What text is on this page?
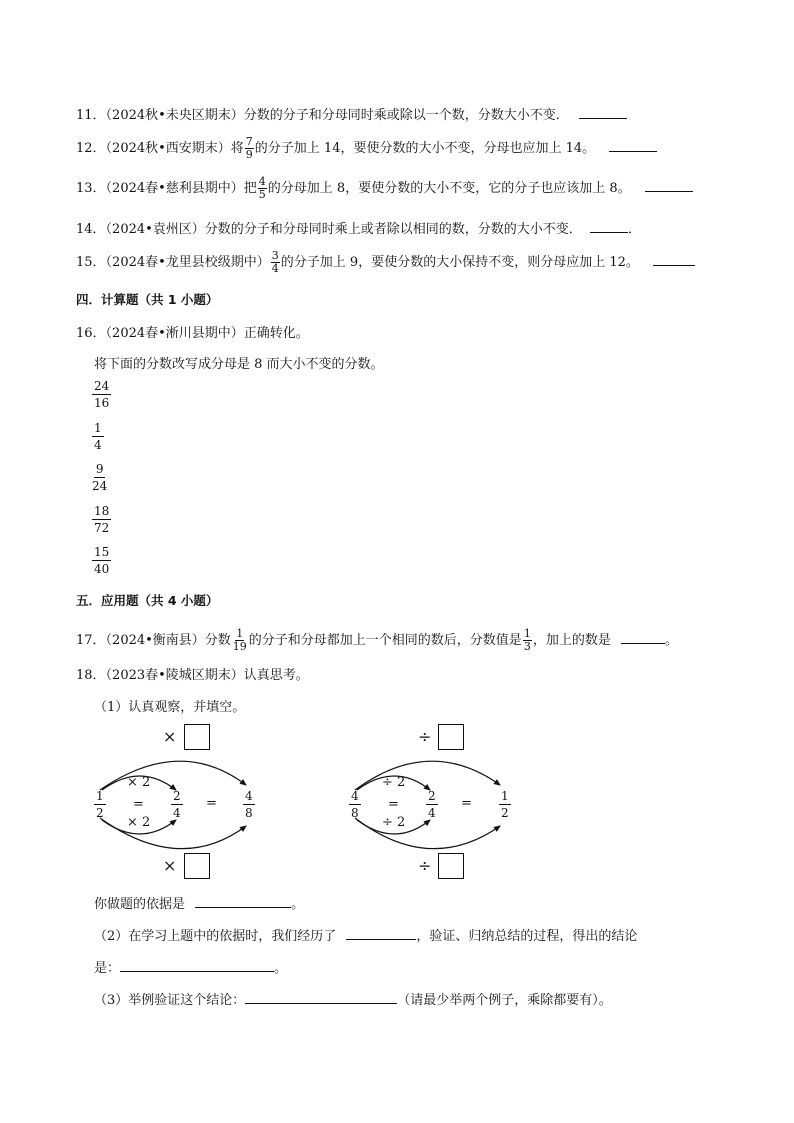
11．（2024秋•未央区期末）分数的分子和分母同时乘或除以一个数，分数大小不变．
12．（2024秋•西安期末）将 $\frac{7}{9}$ 的分子加上 14，要使分数的大小不变，分母也应加上 14。
13．（2024春•慈利县期中）把 $\frac{4}{5}$ 的分母加上 8，要使分数的大小不变，它的分子也应该加上 8。
14．（2024•袁州区）分数的分子和分母同时乘上或者除以相同的数，分数的大小不变．	．
15．（2024春•龙里县校级期中） $\frac{3}{4}$ 的分子加上 9，要使分数的大小保持不变，则分母应加上 12。
四．计算题（共 1 小题）
16．（2024春•淅川县期中）正确转化。
将下面的分数改写成分母是 8 而大小不变的分数。
$\frac{24}{16}$
$\frac{1}{4}$
$\frac{9}{24}$
$\frac{18}{72}$
$\frac{15}{40}$
五．应用题（共 4 小题）
17．（2024•衡南县）分数 $\frac{1}{19}$ 的分子和分母都加上一个相同的数后，分数值是 $\frac{1}{3}$ ，加上的数是	。
18．（2023春•陵城区期末）认真思考。
（1）认真观察，并填空。
×
× 2
=
× 2
$\frac{1}{2}$	$\frac{2}{4} = \frac{4}{8}$
×
÷
÷ 2
=
÷ 2
$\frac{4}{8}$	$\frac{2}{4} = \frac{1}{2}$
÷
你做题的依据是	。
（2）在学习上题中的依据时，我们经历了	，验证、归纳总结的过程，得出的结论
是：	。
（3）举例验证这个结论：	（请最少举两个例子，乘除都要有）。
